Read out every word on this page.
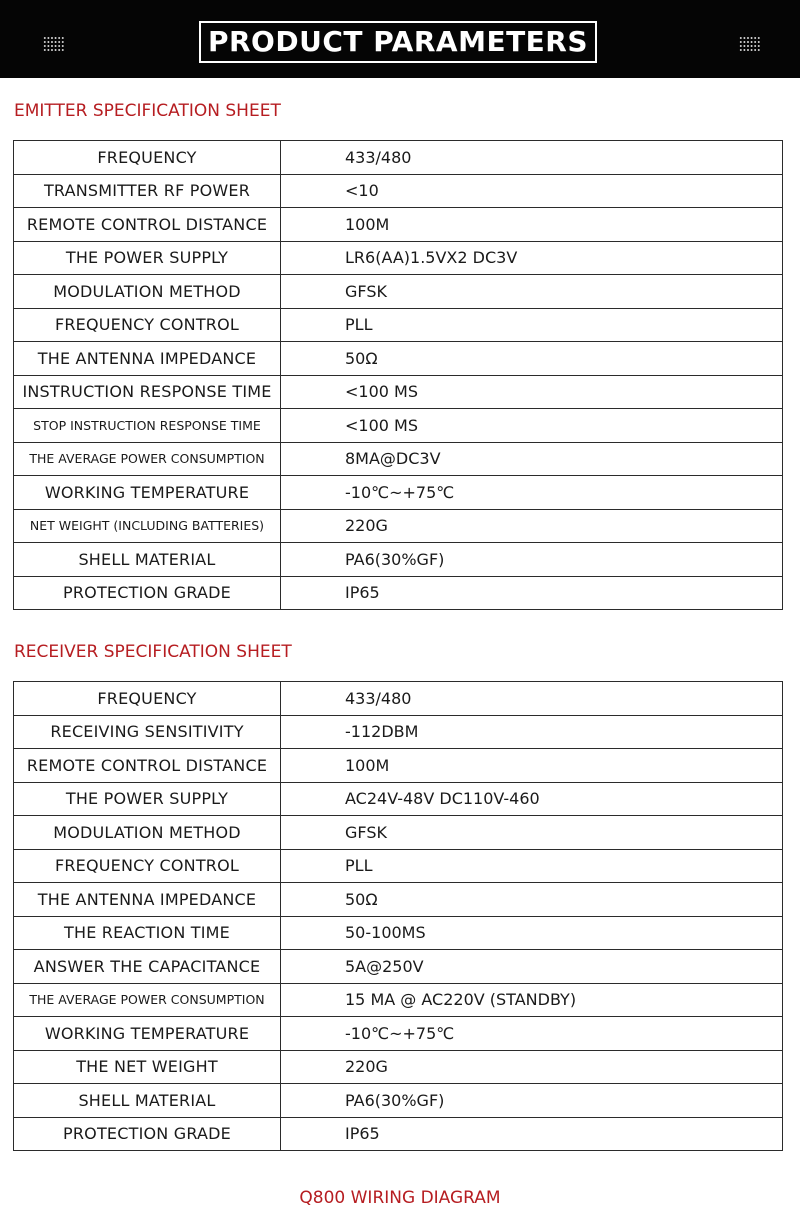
PRODUCT PARAMETERS
EMITTER SPECIFICATION SHEET
FREQUENCY	433/480
TRANSMITTER RF POWER	<10
REMOTE CONTROL DISTANCE	100M
THE POWER SUPPLY	LR6(AA)1.5VX2 DC3V
MODULATION METHOD	GFSK
FREQUENCY CONTROL	PLL
THE ANTENNA IMPEDANCE	50Ω
INSTRUCTION RESPONSE TIME	<100 MS
STOP INSTRUCTION RESPONSE TIME	<100 MS
THE AVERAGE POWER CONSUMPTION	8MA@DC3V
WORKING TEMPERATURE	-10℃~+75℃
NET WEIGHT (INCLUDING BATTERIES)	220G
SHELL MATERIAL	PA6(30%GF)
PROTECTION GRADE	IP65
RECEIVER SPECIFICATION SHEET
FREQUENCY	433/480
RECEIVING SENSITIVITY	-112DBM
REMOTE CONTROL DISTANCE	100M
THE POWER SUPPLY	AC24V-48V DC110V-460
MODULATION METHOD	GFSK
FREQUENCY CONTROL	PLL
THE ANTENNA IMPEDANCE	50Ω
THE REACTION TIME	50-100MS
ANSWER THE CAPACITANCE	5A@250V
THE AVERAGE POWER CONSUMPTION	15 MA @ AC220V (STANDBY)
WORKING TEMPERATURE	-10℃~+75℃
THE NET WEIGHT	220G
SHELL MATERIAL	PA6(30%GF)
PROTECTION GRADE	IP65
Q800 WIRING DIAGRAM
